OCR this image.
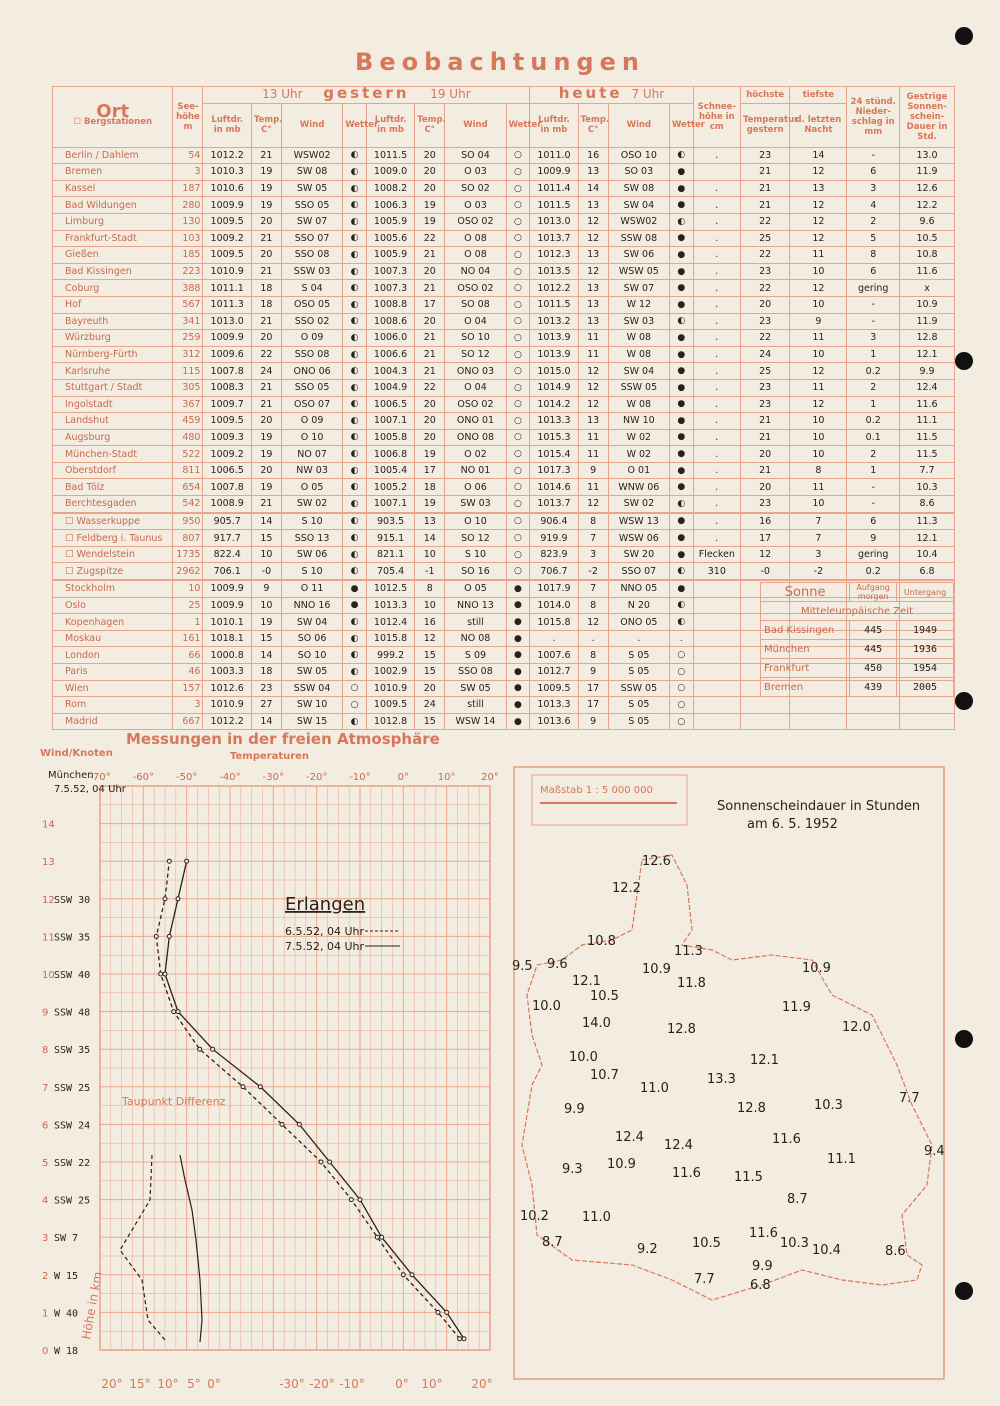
Beobachtungen
Ort
☐ Bergstationen	See-höhe m	13 Uhr gestern 19 Uhr								heute 7 Uhr				Schnee-höhe in cm	höchste	tiefste	24 stünd. Nieder-schlag in mm	Gestrige Sonnen-schein-Dauer in Std.
		Luftdr. in mb	Temp. C°	Wind	Wetter	Luftdr. in mb	Temp. C°	Wind	Wetter	Luftdr. in mb	Temp. C°	Wind	Wetter		Temperatur gestern	d. letzten Nacht		
Berlin / Dahlem	54	1012.2	21	WSW02	◐	1011.5	20	SO 04	○	1011.0	16	OSO 10	◐	.	23	14	-	13.0
Bremen	3	1010.3	19	SW 08	◐	1009.0	20	O 03	○	1009.9	13	SO 03	●		21	12	6	11.9
Kassel	187	1010.6	19	SW 05	◐	1008.2	20	SO 02	○	1011.4	14	SW 08	●	.	21	13	3	12.6
Bad Wildungen	280	1009.9	19	SSO 05	◐	1006.3	19	O 03	○	1011.5	13	SW 04	●	.	21	12	4	12.2
Limburg	130	1009.5	20	SW 07	◐	1005.9	19	OSO 02	○	1013.0	12	WSW02	◐	.	22	12	2	9.6
Frankfurt-Stadt	103	1009.2	21	SSO 07	◐	1005.6	22	O 08	○	1013.7	12	SSW 08	●	.	25	12	5	10.5
Gießen	185	1009.5	20	SSO 08	◐	1005.9	21	O 08	○	1012.3	13	SW 06	●	.	22	11	8	10.8
Bad Kissingen	223	1010.9	21	SSW 03	◐	1007.3	20	NO 04	○	1013.5	12	WSW 05	●	.	23	10	6	11.6
Coburg	388	1011.1	18	S 04	◐	1007.3	21	OSO 02	○	1012.2	13	SW 07	●	.	22	12	gering	x
Hof	567	1011.3	18	OSO 05	◐	1008.8	17	SO 08	○	1011.5	13	W 12	●	.	20	10	-	10.9
Bayreuth	341	1013.0	21	SSO 02	◐	1008.6	20	O 04	○	1013.2	13	SW 03	◐	.	23	9	-	11.9
Würzburg	259	1009.9	20	O 09	◐	1006.0	21	SO 10	○	1013.9	11	W 08	●	.	22	11	3	12.8
Nürnberg-Fürth	312	1009.6	22	SSO 08	◐	1006.6	21	SO 12	○	1013.9	11	W 08	●	.	24	10	1	12.1
Karlsruhe	115	1007.8	24	ONO 06	◐	1004.3	21	ONO 03	○	1015.0	12	SW 04	●	.	25	12	0.2	9.9
Stuttgart / Stadt	305	1008.3	21	SSO 05	◐	1004.9	22	O 04	○	1014.9	12	SSW 05	●	.	23	11	2	12.4
Ingolstadt	367	1009.7	21	OSO 07	◐	1006.5	20	OSO 02	○	1014.2	12	W 08	●	.	23	12	1	11.6
Landshut	459	1009.5	20	O 09	◐	1007.1	20	ONO 01	○	1013.3	13	NW 10	●	.	21	10	0.2	11.1
Augsburg	480	1009.3	19	O 10	◐	1005.8	20	ONO 08	○	1015.3	11	W 02	●	.	21	10	0.1	11.5
München-Stadt	522	1009.2	19	NO 07	◐	1006.8	19	O 02	○	1015.4	11	W 02	●	.	20	10	2	11.5
Oberstdorf	811	1006.5	20	NW 03	◐	1005.4	17	NO 01	○	1017.3	9	O 01	●	.	21	8	1	7.7
Bad Tölz	654	1007.8	19	O 05	◐	1005.2	18	O 06	○	1014.6	11	WNW 06	●	.	20	11	-	10.3
Berchtesgaden	542	1008.9	21	SW 02	◐	1007.1	19	SW 03	○	1013.7	12	SW 02	◐	.	23	10	-	8.6
☐ Wasserkuppe	950	905.7	14	S 10	◐	903.5	13	O 10	○	906.4	8	WSW 13	●	.	16	7	6	11.3
☐ Feldberg i. Taunus	807	917.7	15	SSO 13	◐	915.1	14	SO 12	○	919.9	7	WSW 06	●	.	17	7	9	12.1
☐ Wendelstein	1735	822.4	10	SW 06	◐	821.1	10	S 10	○	823.9	3	SW 20	●	Flecken	12	3	gering	10.4
☐ Zugspitze	2962	706.1	-0	S 10	◐	705.4	-1	SO 16	○	706.7	-2	SSO 07	◐	310	-0	-2	0.2	6.8
Stockholm	10	1009.9	9	O 11	●	1012.5	8	O 05	●	1017.9	7	NNO 05	●					
Oslo	25	1009.9	10	NNO 16	●	1013.3	10	NNO 13	●	1014.0	8	N 20	◐					
Kopenhagen	1	1010.1	19	SW 04	◐	1012.4	16	still	●	1015.8	12	ONO 05	◐					
Moskau	161	1018.1	15	SO 06	◐	1015.8	12	NO 08	●	.	.	.	.					
London	66	1000.8	14	SO 10	◐	999.2	15	S 09	●	1007.6	8	S 05	○					
Paris	46	1003.3	18	SW 05	◐	1002.9	15	SSO 08	●	1012.7	9	S 05	○					
Wien	157	1012.6	23	SSW 04	○	1010.9	20	SW 05	●	1009.5	17	SSW 05	○					
Rom	3	1010.9	27	SW 10	○	1009.5	24	still	●	1013.3	17	S 05	○					
Madrid	667	1012.2	14	SW 15	◐	1012.8	15	WSW 14	●	1013.6	9	S 05	○					
Sonne	Aufgang
morgen	Untergang
Mitteleuropäische Zeit		
Bad Kissingen	445	1949
München	445	1936
Frankfurt	450	1954
Bremen	439	2005
Messungen in der freien Atmosphäre
Wind/Knoten	Temperaturen
-70° -60° -50° -40° -30° -20° -10°	0°	10°	20°
14
13
12
11
10
9
8
7
6
5
4
3
2
1
0
20° 15° 10° 5° 0°	-30° -20° -10°	0° 10° 20°
SSW 30
SSW 35
SSW 40
SSW 48
SSW 35
SSW 25
SSW 24
SSW 22
SSW 25
SW 7
W 15
W 40
W 18
München
7.5.52, 04 Uhr
Erlangen
6.5.52, 04 Uhr
7.5.52, 04 Uhr
Taupunkt Differenz
Höhe in km
Maßstab 1 : 5 000 000
Sonnenscheindauer in Stunden
am 6. 5. 1952
12.6
12.2
10.8
11.3
9.5 9.6
12.1
10.9
11.8
10.9
10.5
10.0
14.0	12.8
11.9
12.0
12.1
10.0
10.7
11.0
13.3
7.7
9.9	12.8	10.3
12.4
12.4	11.6
9.4
9.3 10.9
11.6	11.5
11.1
8.7
10.2	11.0
8.7	9.2	10.5
11.6
10.3 10.4	8.6
9.9
7.7	6.8
